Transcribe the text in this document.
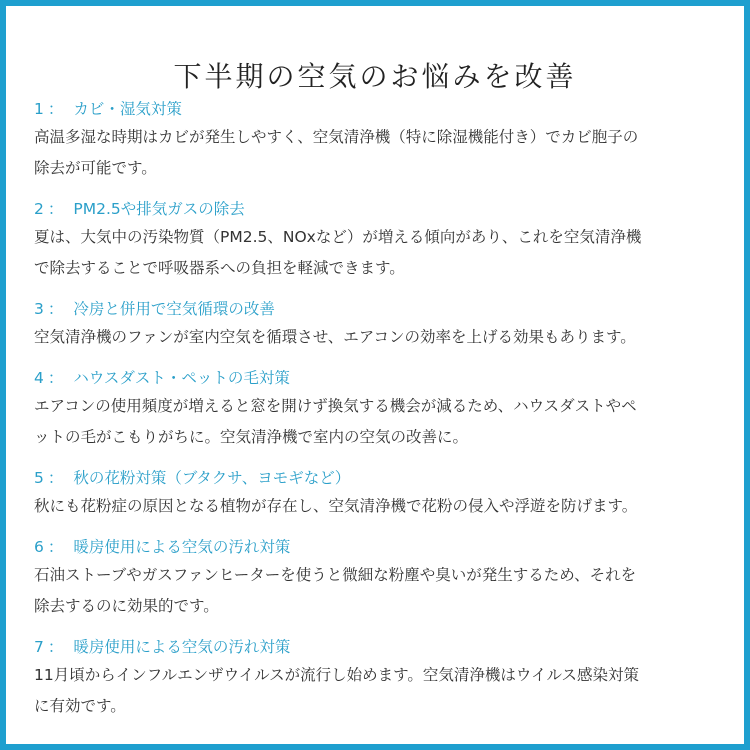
下半期の空気のお悩みを改善
1 ： カビ・湿気対策

高温多湿な時期はカビが発生しやすく、空気清浄機（特に除湿機能付き）でカビ胞子の
除去が可能です。

2 ： PM2.5や排気ガスの除去

夏は、大気中の汚染物質（PM2.5、NOxなど）が増える傾向があり、これを空気清浄機
で除去することで呼吸器系への負担を軽減できます。

3 ： 冷房と併用で空気循環の改善

空気清浄機のファンが室内空気を循環させ、エアコンの効率を上げる効果もあります。

4 ： ハウスダスト・ペットの毛対策

エアコンの使用頻度が増えると窓を開けず換気する機会が減るため、ハウスダストやペ
ットの毛がこもりがちに。空気清浄機で室内の空気の改善に。

5 ： 秋の花粉対策（ブタクサ、ヨモギなど）

秋にも花粉症の原因となる植物が存在し、空気清浄機で花粉の侵入や浮遊を防げます。

6 ： 暖房使用による空気の汚れ対策

石油ストーブやガスファンヒーターを使うと微細な粉塵や臭いが発生するため、それを
除去するのに効果的です。

7 ： 暖房使用による空気の汚れ対策

11月頃からインフルエンザウイルスが流行し始めます。空気清浄機はウイルス感染対策
に有効です。
